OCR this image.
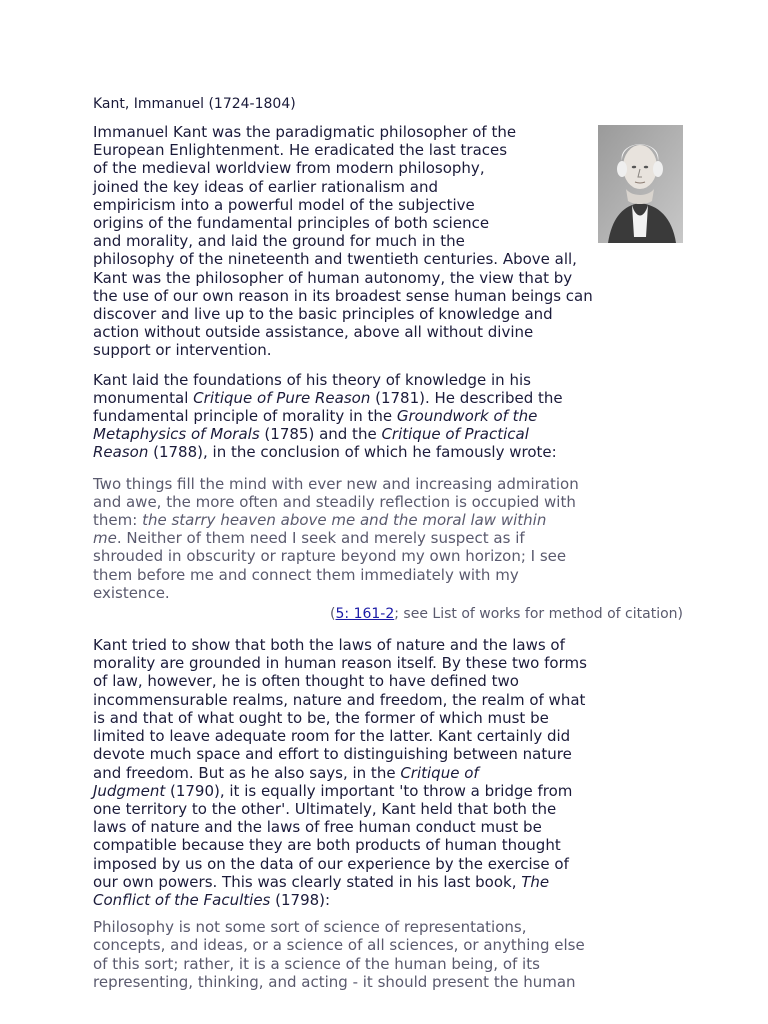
Kant, Immanuel (1724-1804)
Immanuel Kant was the paradigmatic philosopher of the
European Enlightenment. He eradicated the last traces
of the medieval worldview from modern philosophy,
joined the key ideas of earlier rationalism and
empiricism into a powerful model of the subjective
origins of the fundamental principles of both science
and morality, and laid the ground for much in the
philosophy of the nineteenth and twentieth centuries. Above all,
Kant was the philosopher of human autonomy, the view that by
the use of our own reason in its broadest sense human beings can
discover and live up to the basic principles of knowledge and
action without outside assistance, above all without divine
support or intervention.
Kant laid the foundations of his theory of knowledge in his
monumental Critique of Pure Reason (1781). He described the
fundamental principle of morality in the Groundwork of the
Metaphysics of Morals (1785) and the Critique of Practical
Reason (1788), in the conclusion of which he famously wrote:
Two things fill the mind with ever new and increasing admiration
and awe, the more often and steadily reflection is occupied with
them: the starry heaven above me and the moral law within
me. Neither of them need I seek and merely suspect as if
shrouded in obscurity or rapture beyond my own horizon; I see
them before me and connect them immediately with my
existence.
(5: 161-2; see List of works for method of citation)
Kant tried to show that both the laws of nature and the laws of
morality are grounded in human reason itself. By these two forms
of law, however, he is often thought to have defined two
incommensurable realms, nature and freedom, the realm of what
is and that of what ought to be, the former of which must be
limited to leave adequate room for the latter. Kant certainly did
devote much space and effort to distinguishing between nature
and freedom. But as he also says, in the Critique of
Judgment (1790), it is equally important 'to throw a bridge from
one territory to the other'. Ultimately, Kant held that both the
laws of nature and the laws of free human conduct must be
compatible because they are both products of human thought
imposed by us on the data of our experience by the exercise of
our own powers. This was clearly stated in his last book, The
Conflict of the Faculties (1798):
Philosophy is not some sort of science of representations,
concepts, and ideas, or a science of all sciences, or anything else
of this sort; rather, it is a science of the human being, of its
representing, thinking, and acting - it should present the human
